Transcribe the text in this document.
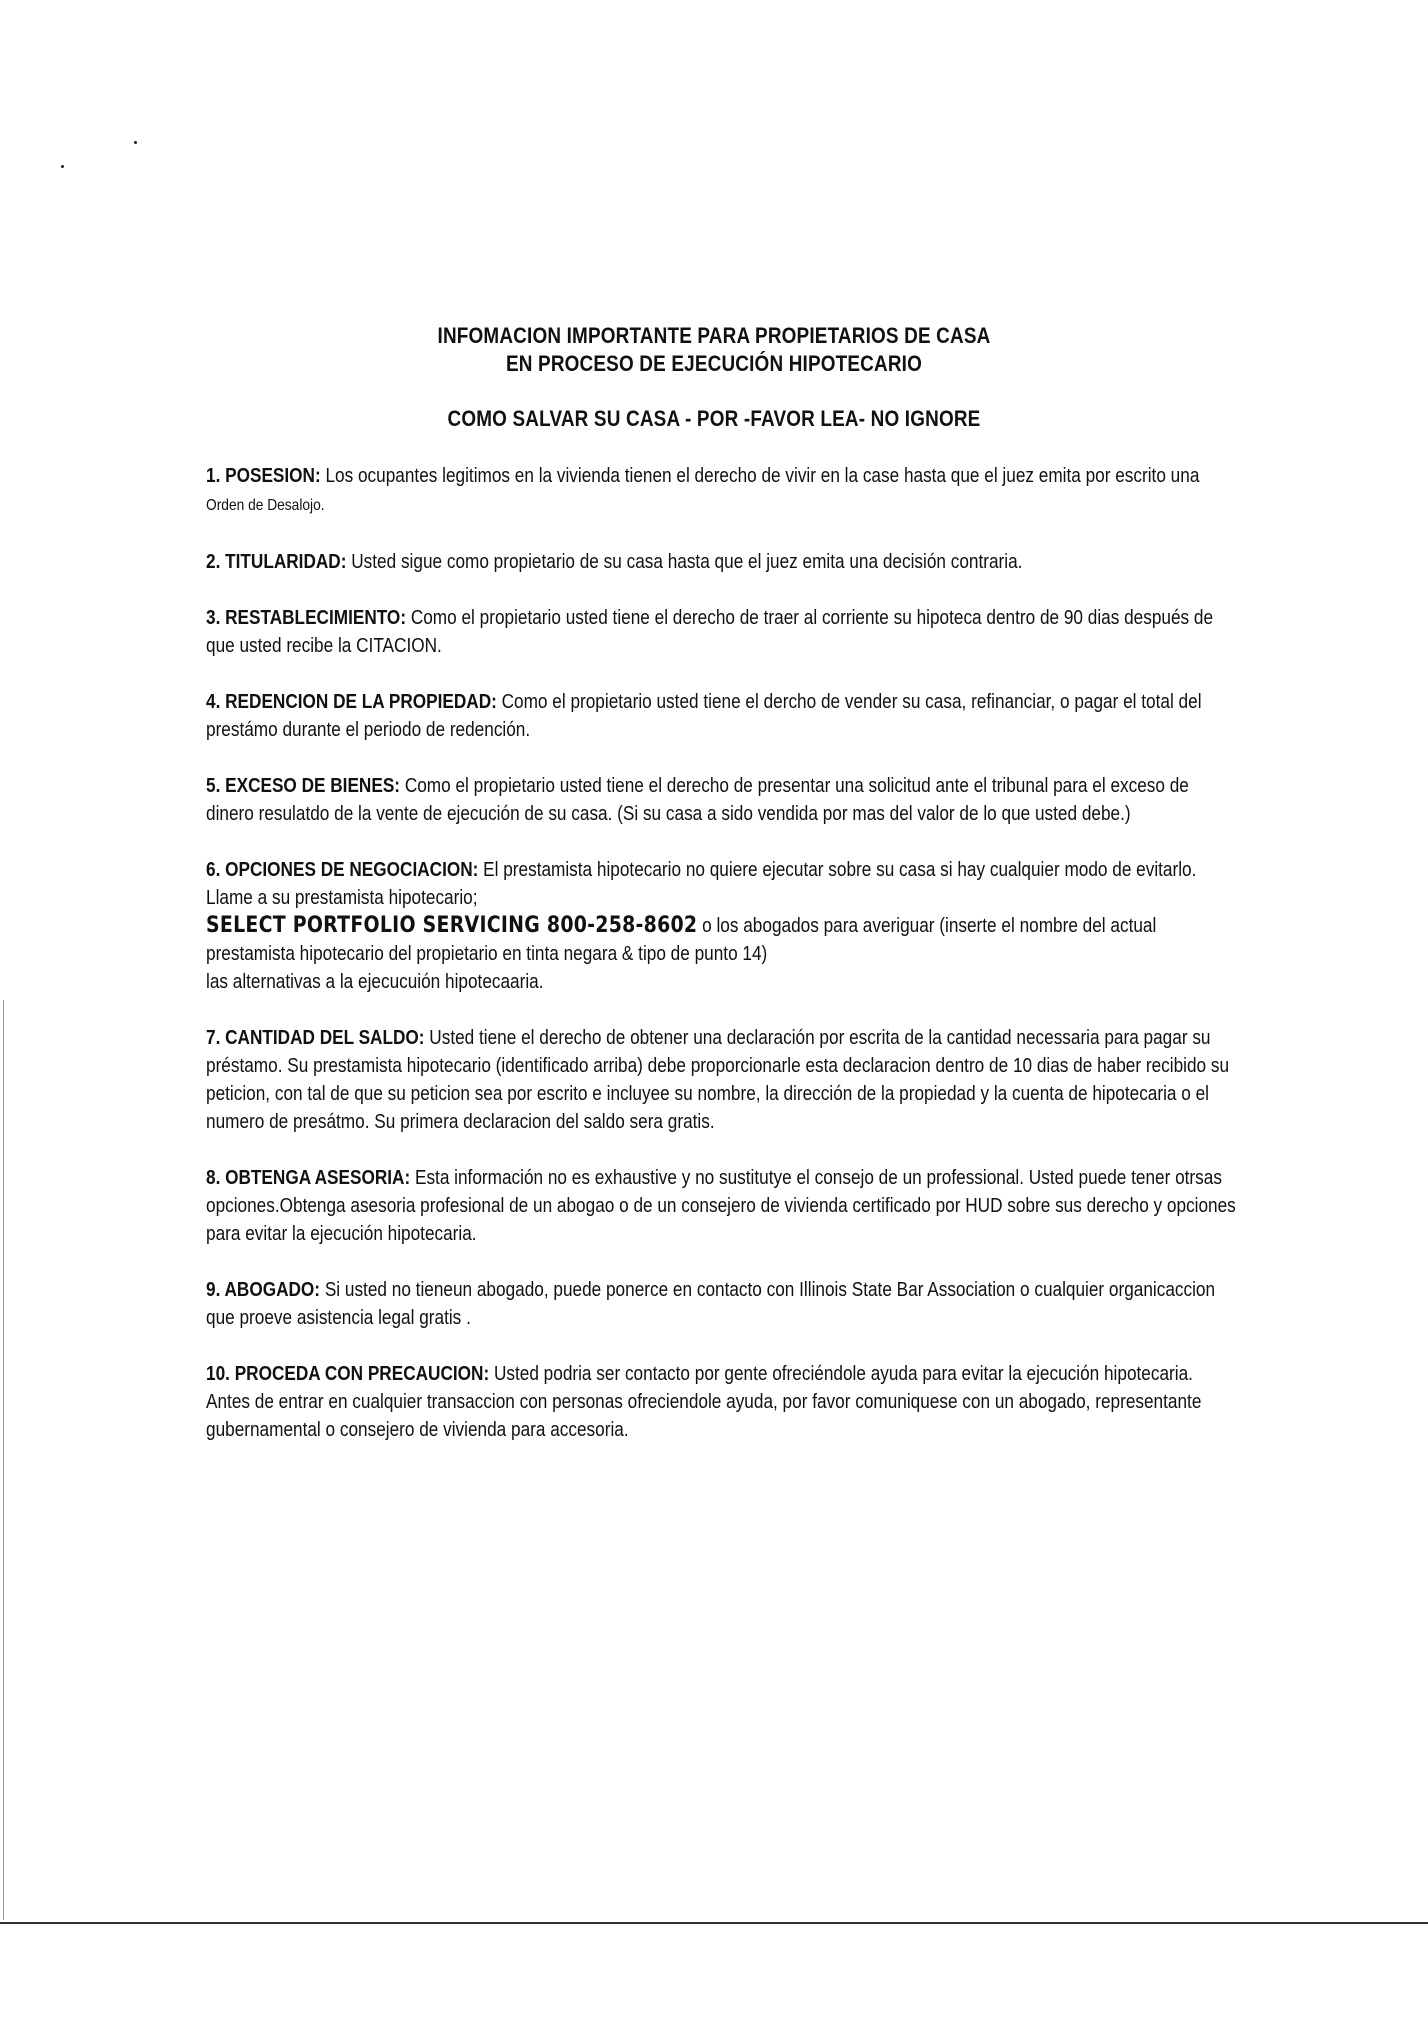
INFOMACION IMPORTANTE PARA PROPIETARIOS DE CASA
EN PROCESO DE EJECUCIÓN HIPOTECARIO
COMO SALVAR SU CASA - POR -FAVOR LEA- NO IGNORE

1. POSESION: Los ocupantes legitimos en la vivienda tienen el derecho de vivir en la case hasta que el juez emita por escrito una Orden de Desalojo.

2. TITULARIDAD: Usted sigue como propietario de su casa hasta que el juez emita una decisión contraria.

3. RESTABLECIMIENTO: Como el propietario usted tiene el derecho de traer al corriente su hipoteca dentro de 90 dias después de que usted recibe la CITACION.

4. REDENCION DE LA PROPIEDAD: Como el propietario usted tiene el dercho de vender su casa, refinanciar, o pagar el total del prestámo durante el periodo de redención.

5. EXCESO DE BIENES: Como el propietario usted tiene el derecho de presentar una solicitud ante el tribunal para el exceso de dinero resulatdo de la vente de ejecución de su casa. (Si su casa a sido vendida por mas del valor de lo que usted debe.)

6. OPCIONES DE NEGOCIACION: El prestamista hipotecario no quiere ejecutar sobre su casa si hay cualquier modo de evitarlo. Llame a su prestamista hipotecario;
SELECT PORTFOLIO SERVICING 800-258-8602 o los abogados para averiguar (inserte el nombre del actual prestamista hipotecario del propietario en tinta negara & tipo de punto 14)
las alternativas a la ejecucuión hipotecaaria.

7. CANTIDAD DEL SALDO: Usted tiene el derecho de obtener una declaración por escrita de la cantidad necessaria para pagar su préstamo. Su prestamista hipotecario (identificado arriba) debe proporcionarle esta declaracion dentro de 10 dias de haber recibido su peticion, con tal de que su peticion sea por escrito e incluyee su nombre, la dirección de la propiedad y la cuenta de hipotecaria o el numero de presátmo. Su primera declaracion del saldo sera gratis.

8. OBTENGA ASESORIA: Esta información no es exhaustive y no sustitutye el consejo de un professional. Usted puede tener otrsas opciones.Obtenga asesoria profesional de un abogao o de un consejero de vivienda certificado por HUD sobre sus derecho y opciones para evitar la ejecución hipotecaria.

9. ABOGADO: Si usted no tieneun abogado, puede ponerce en contacto con Illinois State Bar Association o cualquier organicaccion que proeve asistencia legal gratis .

10. PROCEDA CON PRECAUCION: Usted podria ser contacto por gente ofreciéndole ayuda para evitar la ejecución hipotecaria. Antes de entrar en cualquier transaccion con personas ofreciendole ayuda, por favor comuniquese con un abogado, representante gubernamental o consejero de vivienda para accesoria.
